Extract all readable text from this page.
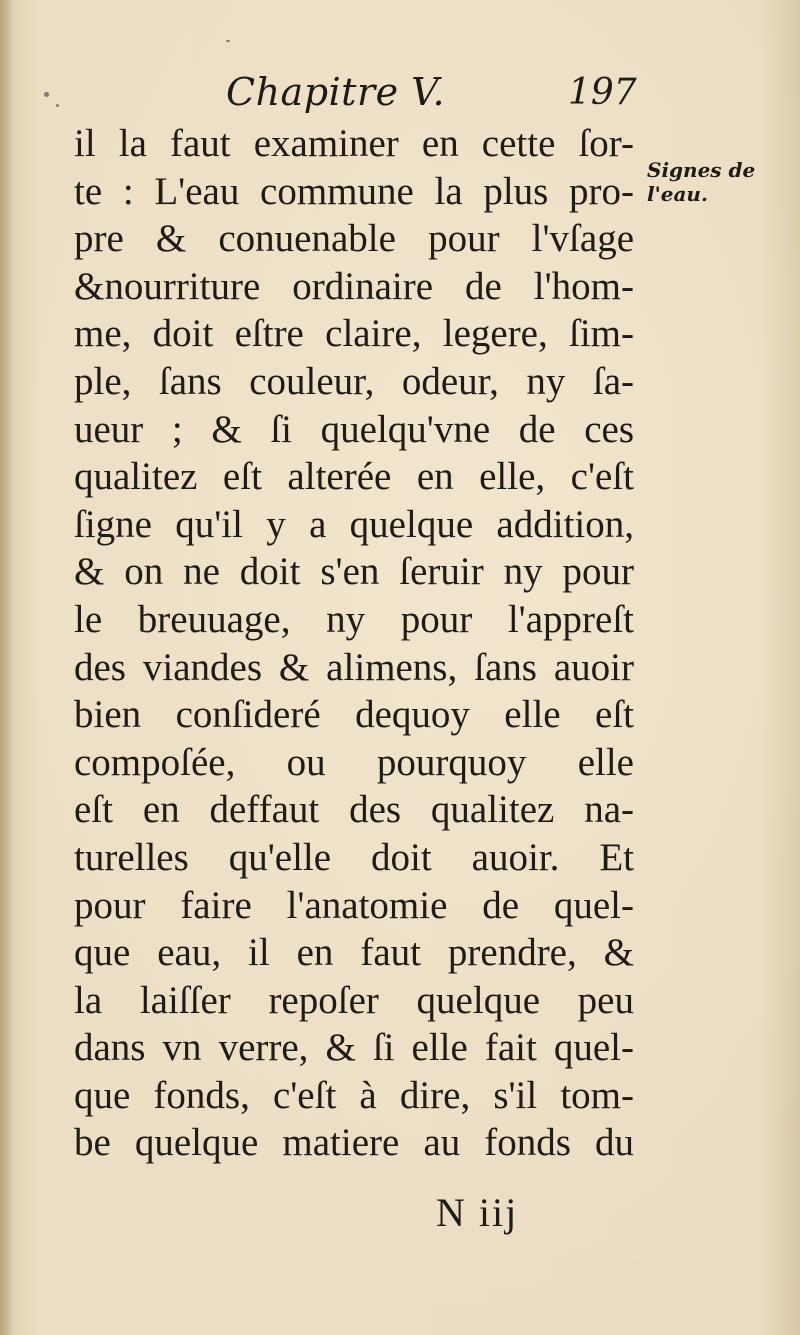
Chapitre V.	197
Signes de
l'eau.
il la faut examiner en cette ſor-
te : L'eau commune la plus pro-
pre & conuenable pour l'vſage
&nourriture ordinaire de l'hom-
me, doit eſtre claire, legere, ſim-
ple, ſans couleur, odeur, ny ſa-
ueur ; & ſi quelqu'vne de ces
qualitez eſt alterée en elle, c'eſt
ſigne qu'il y a quelque addition,
& on ne doit s'en ſeruir ny pour
le breuuage, ny pour l'appreſt
des viandes & alimens, ſans auoir
bien conſideré dequoy elle eſt
compoſée, ou pourquoy elle
eſt en deffaut des qualitez na-
turelles qu'elle doit auoir. Et
pour faire l'anatomie de quel-
que eau, il en faut prendre, &
la laiſſer repoſer quelque peu
dans vn verre, & ſi elle fait quel-
que fonds, c'eſt à dire, s'il tom-
be quelque matiere au fonds du
N iij
